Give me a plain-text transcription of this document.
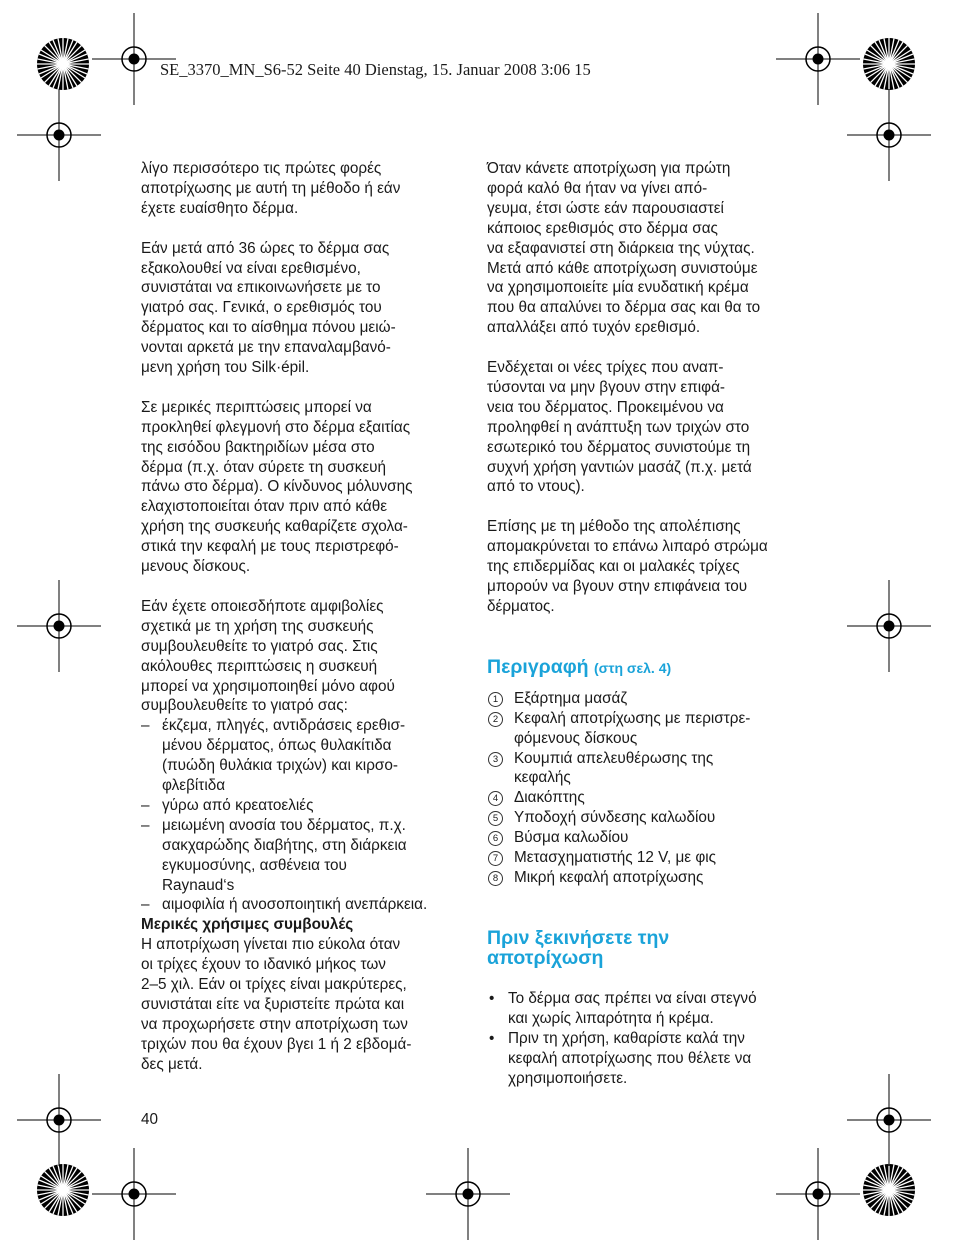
SE_3370_MN_S6-52 Seite 40 Dienstag, 15. Januar 2008 3:06 15

λίγο περισσότερο τις πρώτες φορές
αποτρίχωσης με αυτή τη μέθοδο ή εάν
έχετε ευαίσθητο δέρμα.

Εάν μετά από 36 ώρες το δέρμα σας
εξακολουθεί να είναι ερεθισμένο,
συνιστάται να επικοινωνήσετε με το
γιατρό σας. Γενικά, ο ερεθισμός του
δέρματος και το αίσθημα πόνου μειώ-
νονται αρκετά με την επαναλαμβανό-
μενη χρήση του Silk·épil.

Σε μερικές περιπτώσεις μπορεί να
προκληθεί φλεγμονή στο δέρμα εξαιτίας
της εισόδου βακτηριδίων μέσα στο
δέρμα (π.χ. όταν σύρετε τη συσκευή
πάνω στο δέρμα). Ο κίνδυνος μόλυνσης
ελαχιστοποιείται όταν πριν από κάθε
χρήση της συσκευής καθαρίζετε σχολα-
στικά την κεφαλή με τους περιστρεφό-
μενους δίσκους.

Εάν έχετε οποιεσδήποτε αμφιβολίες
σχετικά με τη χρήση της συσκευής
συμβουλευθείτε το γιατρό σας. Στις
ακόλουθες περιπτώσεις η συσκευή
μπορεί να χρησιμοποιηθεί μόνο αφού
συμβουλευθείτε το γιατρό σας:

– έκζεμα, πληγές, αντιδράσεις ερεθισ-
μένου δέρματος, όπως θυλακίτιδα
(πυώδη θυλάκια τριχών) και κιρσο-
φλεβίτιδα
– γύρω από κρεατοελιές
– μειωμένη ανοσία του δέρματος, π.χ.
σακχαρώδης διαβήτης, στη διάρκεια
εγκυμοσύνης, ασθένεια του
Raynaud‘s
– αιμοφιλία ή ανοσοποιητική ανεπάρκεια.

Μερικές χρήσιμες συμβουλές

Η αποτρίχωση γίνεται πιο εύκολα όταν
οι τρίχες έχουν το ιδανικό μήκος των
2–5 χιλ. Εάν οι τρίχες είναι μακρύτερες,
συνιστάται είτε να ξυριστείτε πρώτα και
να προχωρήσετε στην αποτρίχωση των
τριχών που θα έχουν βγει 1 ή 2 εβδομά-
δες μετά.

Όταν κάνετε αποτρίχωση για πρώτη
φορά καλό θα ήταν να γίνει από-
γευμα, έτσι ώστε εάν παρουσιαστεί
κάποιος ερεθισμός στο δέρμα σας
να εξαφανιστεί στη διάρκεια της νύχτας.
Μετά από κάθε αποτρίχωση συνιστούμε
να χρησιμοποιείτε μία ενυδατική κρέμα
που θα απαλύνει το δέρμα σας και θα το
απαλλάξει από τυχόν ερεθισμό.

Ενδέχεται οι νέες τρίχες που αναπ-
τύσονται να μην βγουν στην επιφά-
νεια του δέρματος. Προκειμένου να
προληφθεί η ανάπτυξη των τριχών στο
εσωτερικό του δέρματος συνιστούμε τη
συχνή χρήση γαντιών μασάζ (π.χ. μετά
από το ντους).

Επίσης με τη μέθοδο της απολέπισης
απομακρύνεται το επάνω λιπαρό στρώμα
της επιδερμίδας και οι μαλακές τρίχες
μπορούν να βγουν στην επιφάνεια του
δέρματος.

Περιγραφή (στη σελ. 4)
1	Εξάρτημα μασάζ
2	Κεφαλή αποτρίχωσης με περιστρε-
φόμενους δίσκους
3	Κουμπιά απελευθέρωσης της
κεφαλής
4	Διακόπτης
5	Υποδοχή σύνδεσης καλωδίου
6	Βύσμα καλωδίου
7	Μετασχηματιστής 12 V, με φις
8	Μικρή κεφαλή αποτρίχωσης
Πριν ξεκινήσετε την
αποτρίχωση
• Το δέρμα σας πρέπει να είναι στεγνό
και χωρίς λιπαρότητα ή κρέμα.
• Πριν τη χρήση, καθαρίστε καλά την
κεφαλή αποτρίχωσης που θέλετε να
χρησιμοποιήσετε.
40
